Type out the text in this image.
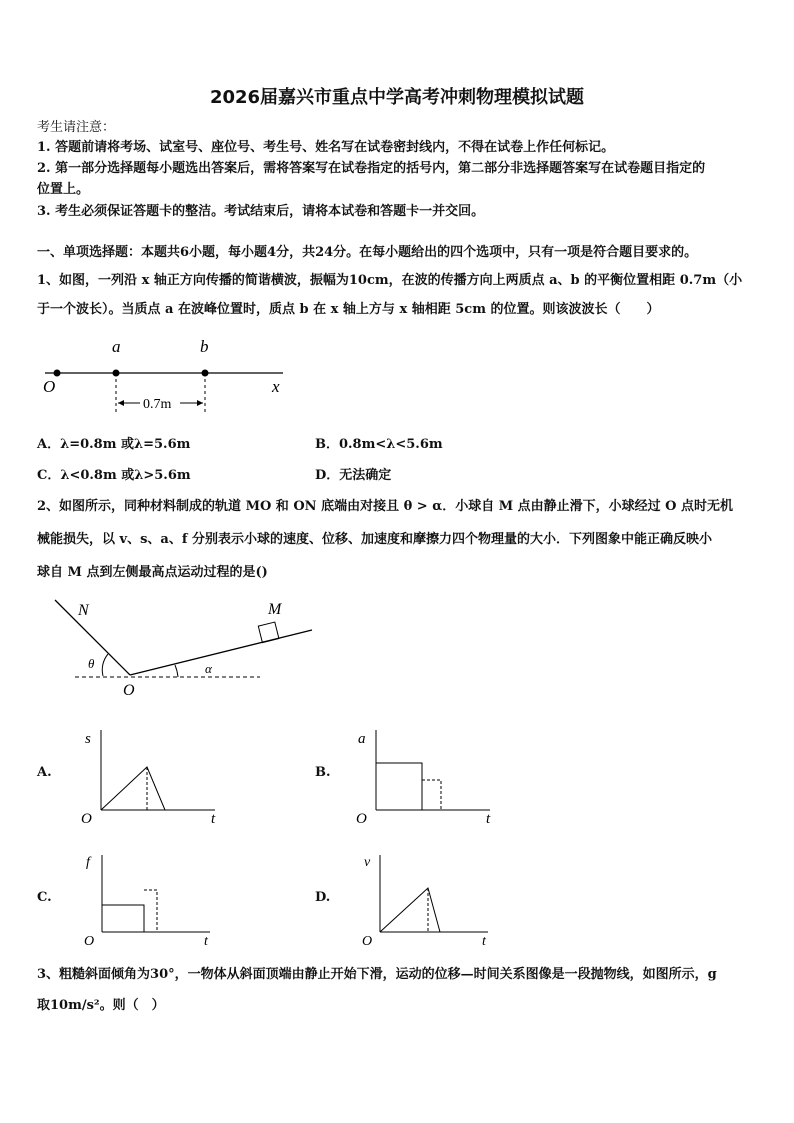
2026届嘉兴市重点中学高考冲刺物理模拟试题
考生请注意：
1. 答题前请将考场、试室号、座位号、考生号、姓名写在试卷密封线内，不得在试卷上作任何标记。
2. 第一部分选择题每小题选出答案后，需将答案写在试卷指定的括号内，第二部分非选择题答案写在试卷题目指定的
位置上。
3. 考生必须保证答题卡的整洁。考试结束后，请将本试卷和答题卡一并交回。
一、单项选择题：本题共6小题，每小题4分，共24分。在每小题给出的四个选项中，只有一项是符合题目要求的。
1、如图，一列沿 x 轴正方向传播的简谐横波，振幅为10cm，在波的传播方向上两质点 a、b 的平衡位置相距 0.7m（小
于一个波长）。当质点 a 在波峰位置时，质点 b 在 x 轴上方与 x 轴相距 5cm 的位置。则该波波长（　　）
O
a	b
x
0.7m
A．λ=0.8m 或λ=5.6m	B．0.8m<λ<5.6m
C．λ<0.8m 或λ>5.6m	D．无法确定
2、如图所示，同种材料制成的轨道 MO 和 ON 底端由对接且 θ > α．小球自 M 点由静止滑下，小球经过 O 点时无机
械能损失，以 v、s、a、f 分别表示小球的速度、位移、加速度和摩擦力四个物理量的大小．下列图象中能正确反映小
球自 M 点到左侧最高点运动过程的是()
N	M
O
θ	α
A.
s
O	t
B.
a
O	t
C.
f
O	t
D.
v
O	t
3、粗糙斜面倾角为30°，一物体从斜面顶端由静止开始下滑，运动的位移—时间关系图像是一段抛物线，如图所示，g
取10m/s²。则（　）
